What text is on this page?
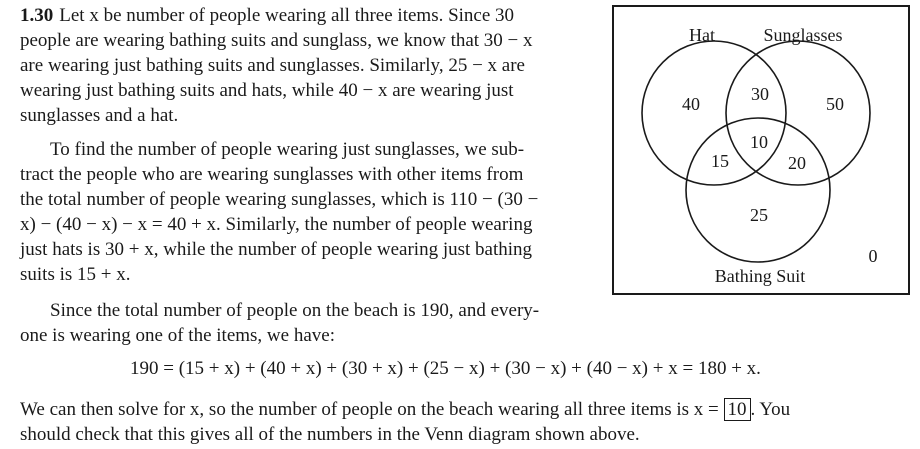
1.30 Let x be number of people wearing all three items. Since 30
people are wearing bathing suits and sunglass, we know that 30 − x
are wearing just bathing suits and sunglasses. Similarly, 25 − x are
wearing just bathing suits and hats, while 40 − x are wearing just
sunglasses and a hat.

To find the number of people wearing just sunglasses, we sub-
tract the people who are wearing sunglasses with other items from
the total number of people wearing sunglasses, which is 110 − (30 −
x) − (40 − x) − x = 40 + x. Similarly, the number of people wearing
just hats is 30 + x, while the number of people wearing just bathing
suits is 15 + x.

Since the total number of people on the beach is 190, and every-
one is wearing one of the items, we have:

190 = (15 + x) + (40 + x) + (30 + x) + (25 − x) + (30 − x) + (40 − x) + x = 180 + x.

We can then solve for x, so the number of people on the beach wearing all three items is x = 10 . You
should check that this gives all of the numbers in the Venn diagram shown above.

Hat	Sunglasses
Bathing Suit
40	30	50
10
15	20
25
0
